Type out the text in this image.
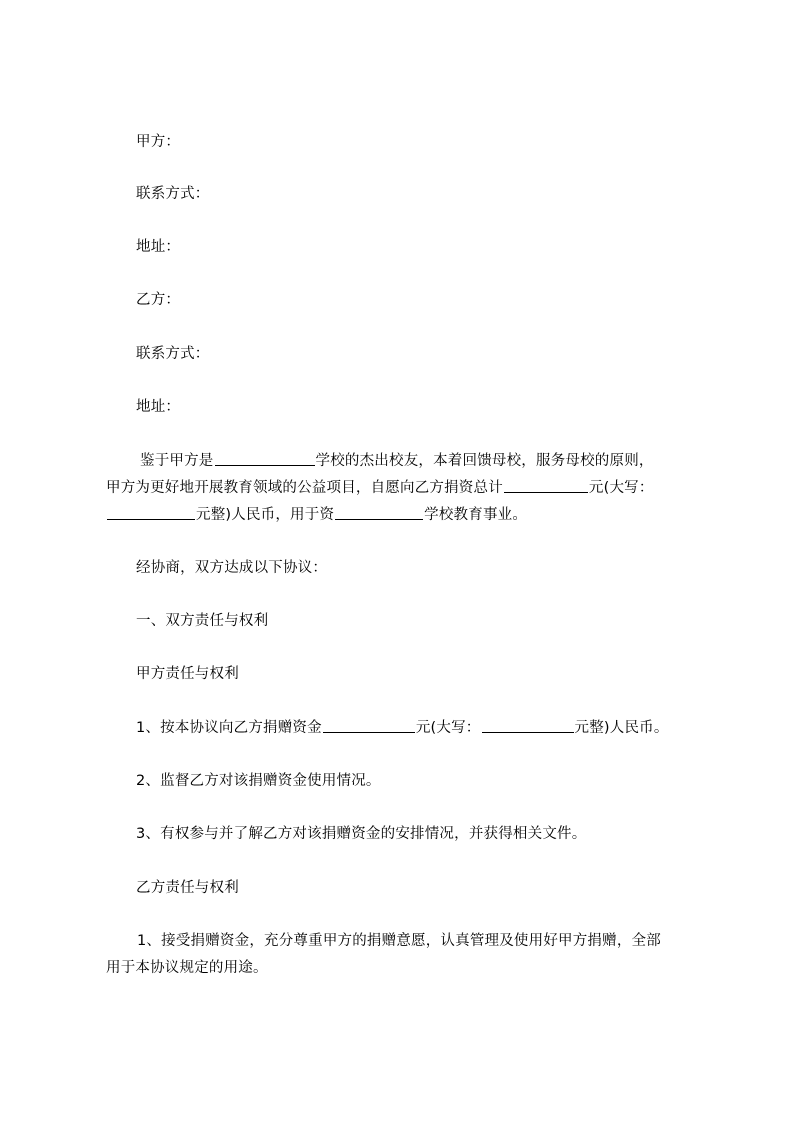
甲方：
联系方式：
地址：
乙方：
联系方式：
地址：
鉴于甲方是	学校的杰出校友，本着回馈母校，服务母校的原则，
甲方为更好地开展教育领域的公益项目，自愿向乙方捐资总计	元(大写：
元整)人民币，用于资	学校教育事业。
经协商，双方达成以下协议：
一、双方责任与权利
甲方责任与权利
1、按本协议向乙方捐赠资金	元(大写：	元整)人民币。
2、监督乙方对该捐赠资金使用情况。
3、有权参与并了解乙方对该捐赠资金的安排情况，并获得相关文件。
乙方责任与权利
1、接受捐赠资金，充分尊重甲方的捐赠意愿，认真管理及使用好甲方捐赠，全部
用于本协议规定的用途。
